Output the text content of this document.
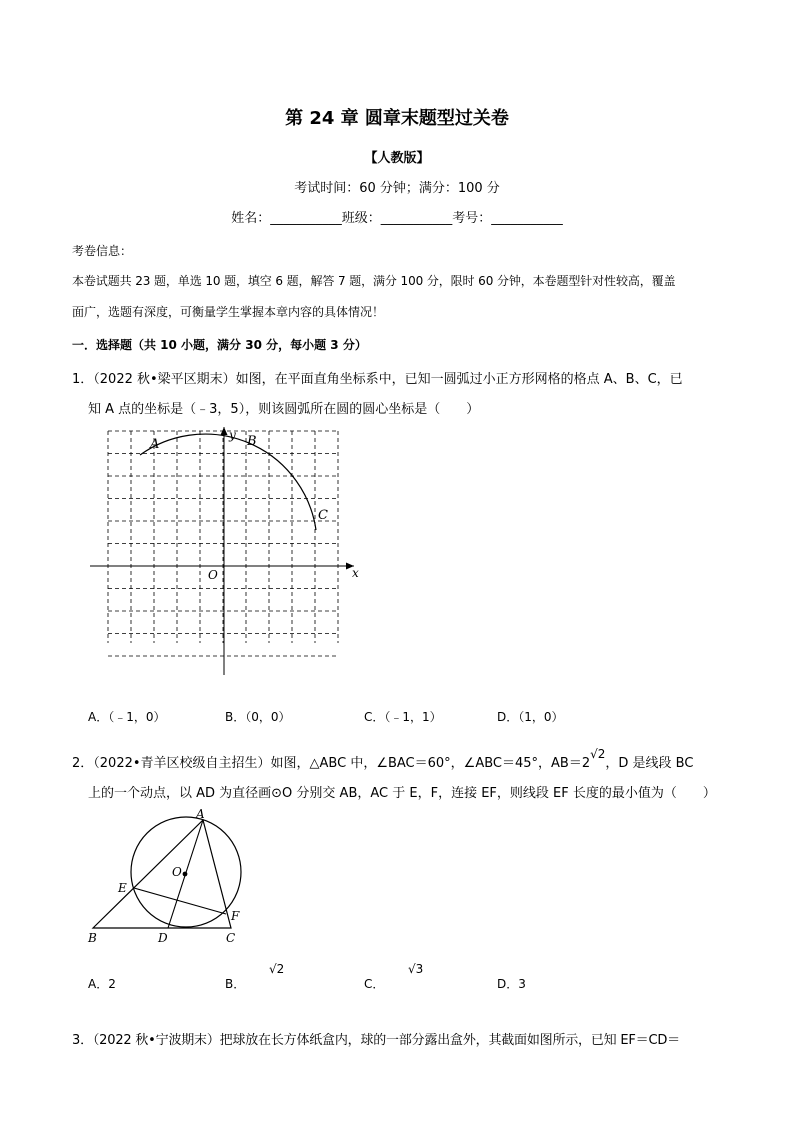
第 24 章 圆章末题型过关卷
【人教版】
考试时间：60 分钟；满分：100 分
姓名：___________班级：___________考号：___________
考卷信息：
本卷试题共 23 题，单选 10 题，填空 6 题，解答 7 题，满分 100 分，限时 60 分钟，本卷题型针对性较高，覆盖
面广，选题有深度，可衡量学生掌握本章内容的具体情况！
一．选择题（共 10 小题，满分 30 分，每小题 3 分）
1．（2022 秋•梁平区期末）如图，在平面直角坐标系中，已知一圆弧过小正方形网格的格点 A、B、C，已
知 A 点的坐标是（﹣3，5），则该圆弧所在圆的圆心坐标是（　　）
A	B
C
O	x
y
A．（﹣1，0）	B．（0，0）	C．（﹣1，1）	D．（1，0）
2．（2022•青羊区校级自主招生）如图，△ABC 中，∠BAC＝60°，∠ABC＝45°，AB＝2√2，D 是线段 BC
上的一个动点，以 AD 为直径画⊙O 分别交 AB，AC 于 E，F，连接 EF，则线段 EF 长度的最小值为（　　）
A
B	C
D
E
F
O
A．2	B．
√2
C．
√3
D．3
3．（2022 秋•宁波期末）把球放在长方体纸盒内，球的一部分露出盒外，其截面如图所示，已知 EF＝CD＝
